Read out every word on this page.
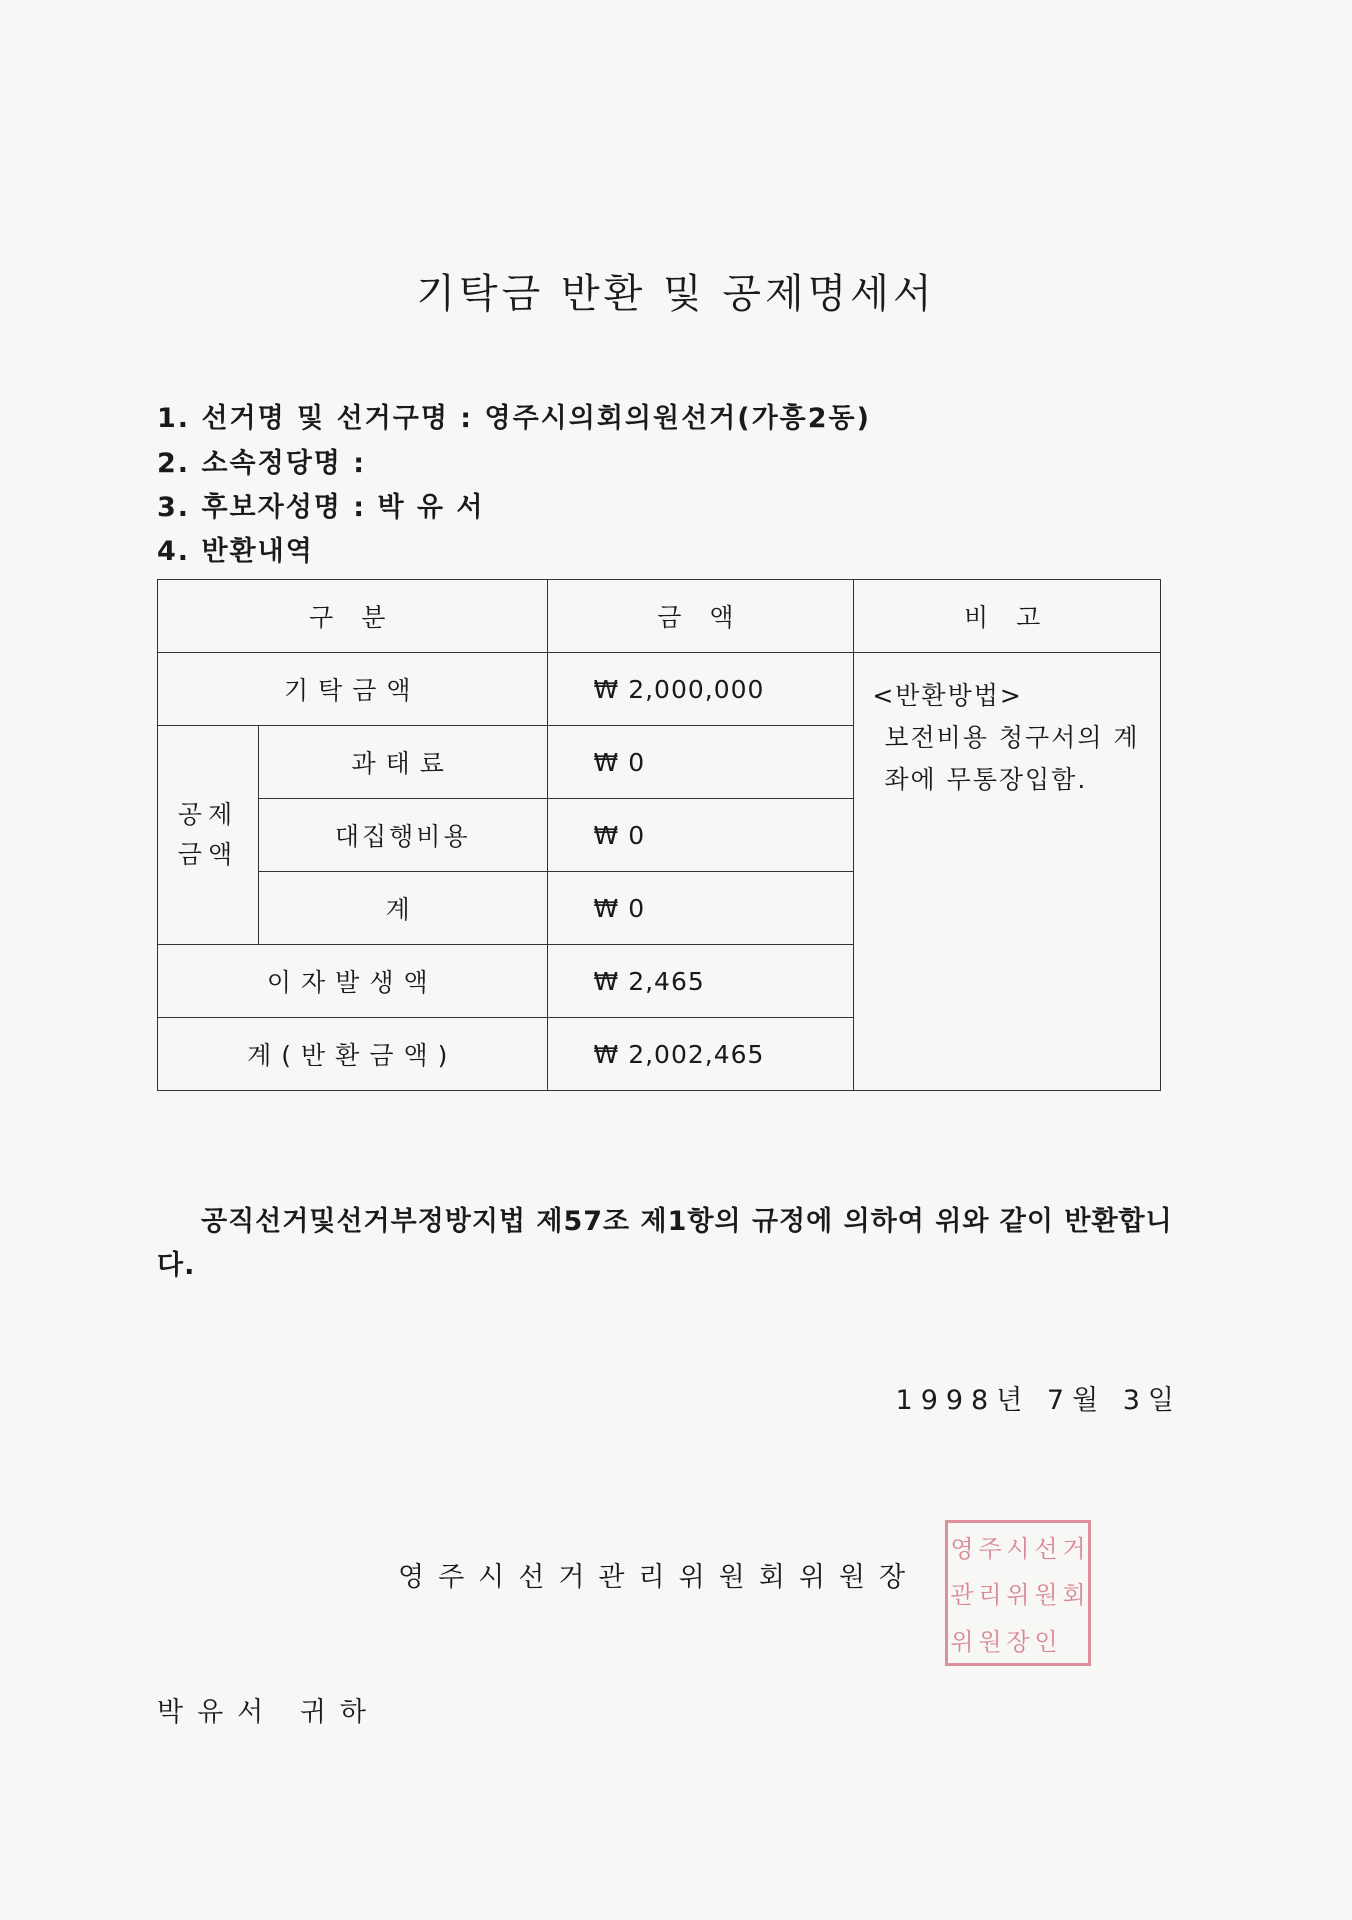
기탁금 반환 및 공제명세서
1. 선거명 및 선거구명 : 영주시의회의원선거(가흥2동)
2. 소속정당명 :
3. 후보자성명 : 박 유 서
4. 반환내역
구 분		금 액	비 고
기탁금액		₩ 2,000,000	<반환방법>
보전비용 청구서의 계좌에 무통장입함.

공제 금액	과태료	₩ 0	
	대집행비용	₩ 0	
	계	₩ 0	
이자발생액		₩ 2,465	
계(반환금액)		₩ 2,002,465	
공직선거및선거부정방지법 제57조 제1항의 규정에 의하여 위와 같이 반환합니다.
1998년 7월 3일
영주시선거관리위원회위원장
영 주 시 선 거
관 리 위 원 회
위 원 장 인
박유서 귀하
